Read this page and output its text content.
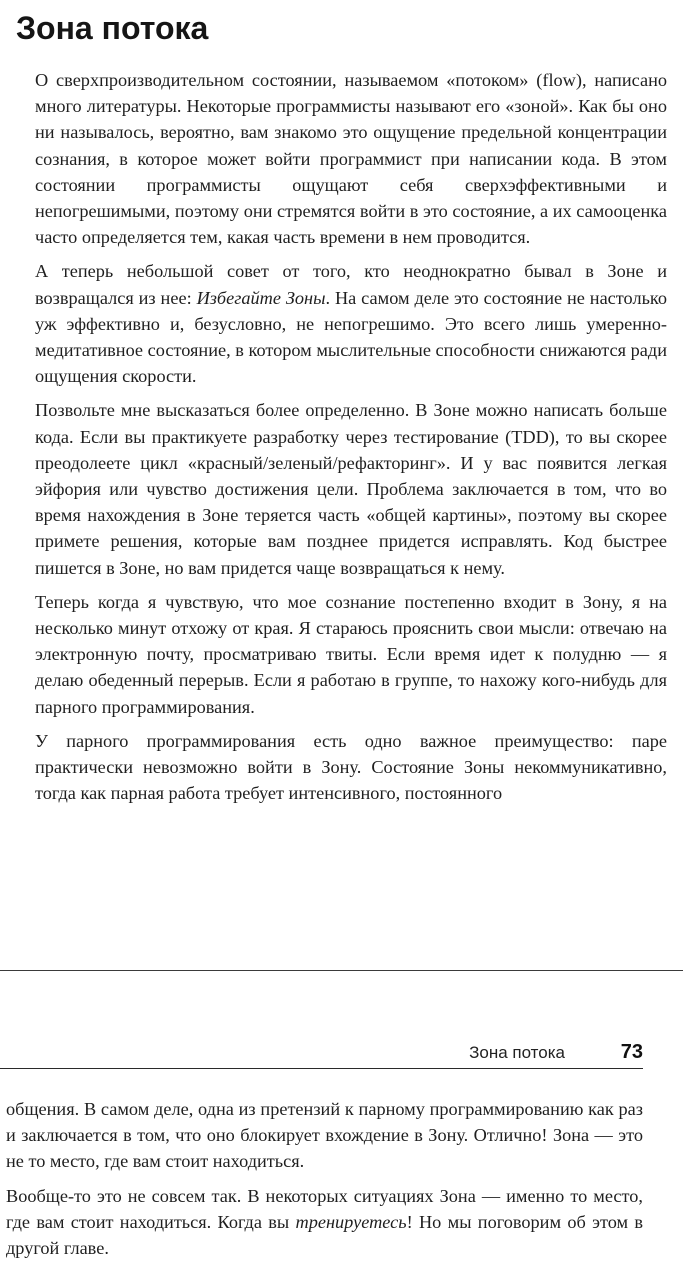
Зона потока

О сверхпроизводительном состоянии, называемом «потоком» (flow), написано много литературы. Некоторые программисты называют его «зоной». Как бы оно ни называлось, вероятно, вам знакомо это ощущение предельной концентрации сознания, в которое может войти программист при написании кода. В этом состоянии программисты ощущают себя сверхэффективными и непогрешимыми, поэтому они стремятся войти в это состояние, а их самооценка часто определяется тем, какая часть времени в нем проводится.

А теперь небольшой совет от того, кто неоднократно бывал в Зоне и возвращался из нее: Избегайте Зоны. На самом деле это состояние не настолько уж эффективно и, безусловно, не непогрешимо. Это всего лишь умеренно-медитативное состояние, в котором мыслительные способности снижаются ради ощущения скорости.

Позвольте мне высказаться более определенно. В Зоне можно написать больше кода. Если вы практикуете разработку через тестирование (TDD), то вы скорее преодолеете цикл «красный/зеленый/рефакторинг». И у вас появится легкая эйфория или чувство достижения цели. Проблема заключается в том, что во время нахождения в Зоне теряется часть «общей картины», поэтому вы скорее примете решения, которые вам позднее придется исправлять. Код быстрее пишется в Зоне, но вам придется чаще возвращаться к нему.

Теперь когда я чувствую, что мое сознание постепенно входит в Зону, я на несколько минут отхожу от края. Я стараюсь прояснить свои мысли: отвечаю на электронную почту, просматриваю твиты. Если время идет к полудню — я делаю обеденный перерыв. Если я работаю в группе, то нахожу кого-нибудь для парного программирования.

У парного программирования есть одно важное преимущество: паре практически невозможно войти в Зону. Состояние Зоны некоммуникативно, тогда как парная работа требует интенсивного, постоянного

Зона потока	73

общения. В самом деле, одна из претензий к парному программированию как раз и заключается в том, что оно блокирует вхождение в Зону. Отлично! Зона — это не то место, где вам стоит находиться.

Вообще-то это не совсем так. В некоторых ситуациях Зона — именно то место, где вам стоит находиться. Когда вы тренируетесь! Но мы поговорим об этом в другой главе.
